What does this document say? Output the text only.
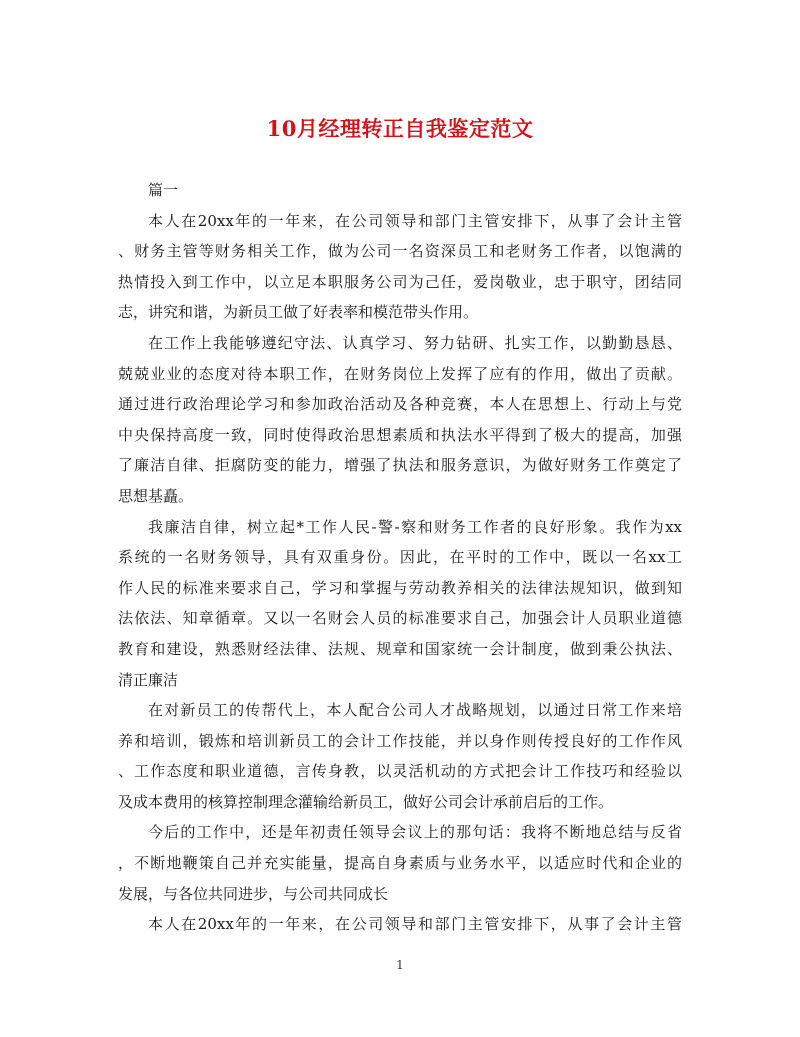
10月经理转正自我鉴定范文
篇一
本人在20xx年的一年来，在公司领导和部门主管安排下，从事了会计主管
、财务主管等财务相关工作，做为公司一名资深员工和老财务工作者，以饱满的
热情投入到工作中，以立足本职服务公司为己任，爱岗敬业，忠于职守，团结同
志，讲究和谐，为新员工做了好表率和模范带头作用。
在工作上我能够遵纪守法、认真学习、努力钻研、扎实工作，以勤勤恳恳、
兢兢业业的态度对待本职工作，在财务岗位上发挥了应有的作用，做出了贡献。
通过进行政治理论学习和参加政治活动及各种竞赛，本人在思想上、行动上与党
中央保持高度一致，同时使得政治思想素质和执法水平得到了极大的提高，加强
了廉洁自律、拒腐防变的能力，增强了执法和服务意识，为做好财务工作奠定了
思想基矗。
我廉洁自律，树立起*工作人民-警-察和财务工作者的良好形象。我作为xx
系统的一名财务领导，具有双重身份。因此，在平时的工作中，既以一名xx工
作人民的标准来要求自己，学习和掌握与劳动教养相关的法律法规知识，做到知
法依法、知章循章。又以一名财会人员的标准要求自己，加强会计人员职业道德
教育和建设，熟悉财经法律、法规、规章和国家统一会计制度，做到秉公执法、
清正廉洁
在对新员工的传帮代上，本人配合公司人才战略规划，以通过日常工作来培
养和培训，锻炼和培训新员工的会计工作技能，并以身作则传授良好的工作作风
、工作态度和职业道德，言传身教，以灵活机动的方式把会计工作技巧和经验以
及成本费用的核算控制理念灌输给新员工，做好公司会计承前启后的工作。
今后的工作中，还是年初责任领导会议上的那句话：我将不断地总结与反省
，不断地鞭策自己并充实能量，提高自身素质与业务水平，以适应时代和企业的
发展，与各位共同进步，与公司共同成长
本人在20xx年的一年来，在公司领导和部门主管安排下，从事了会计主管
1
